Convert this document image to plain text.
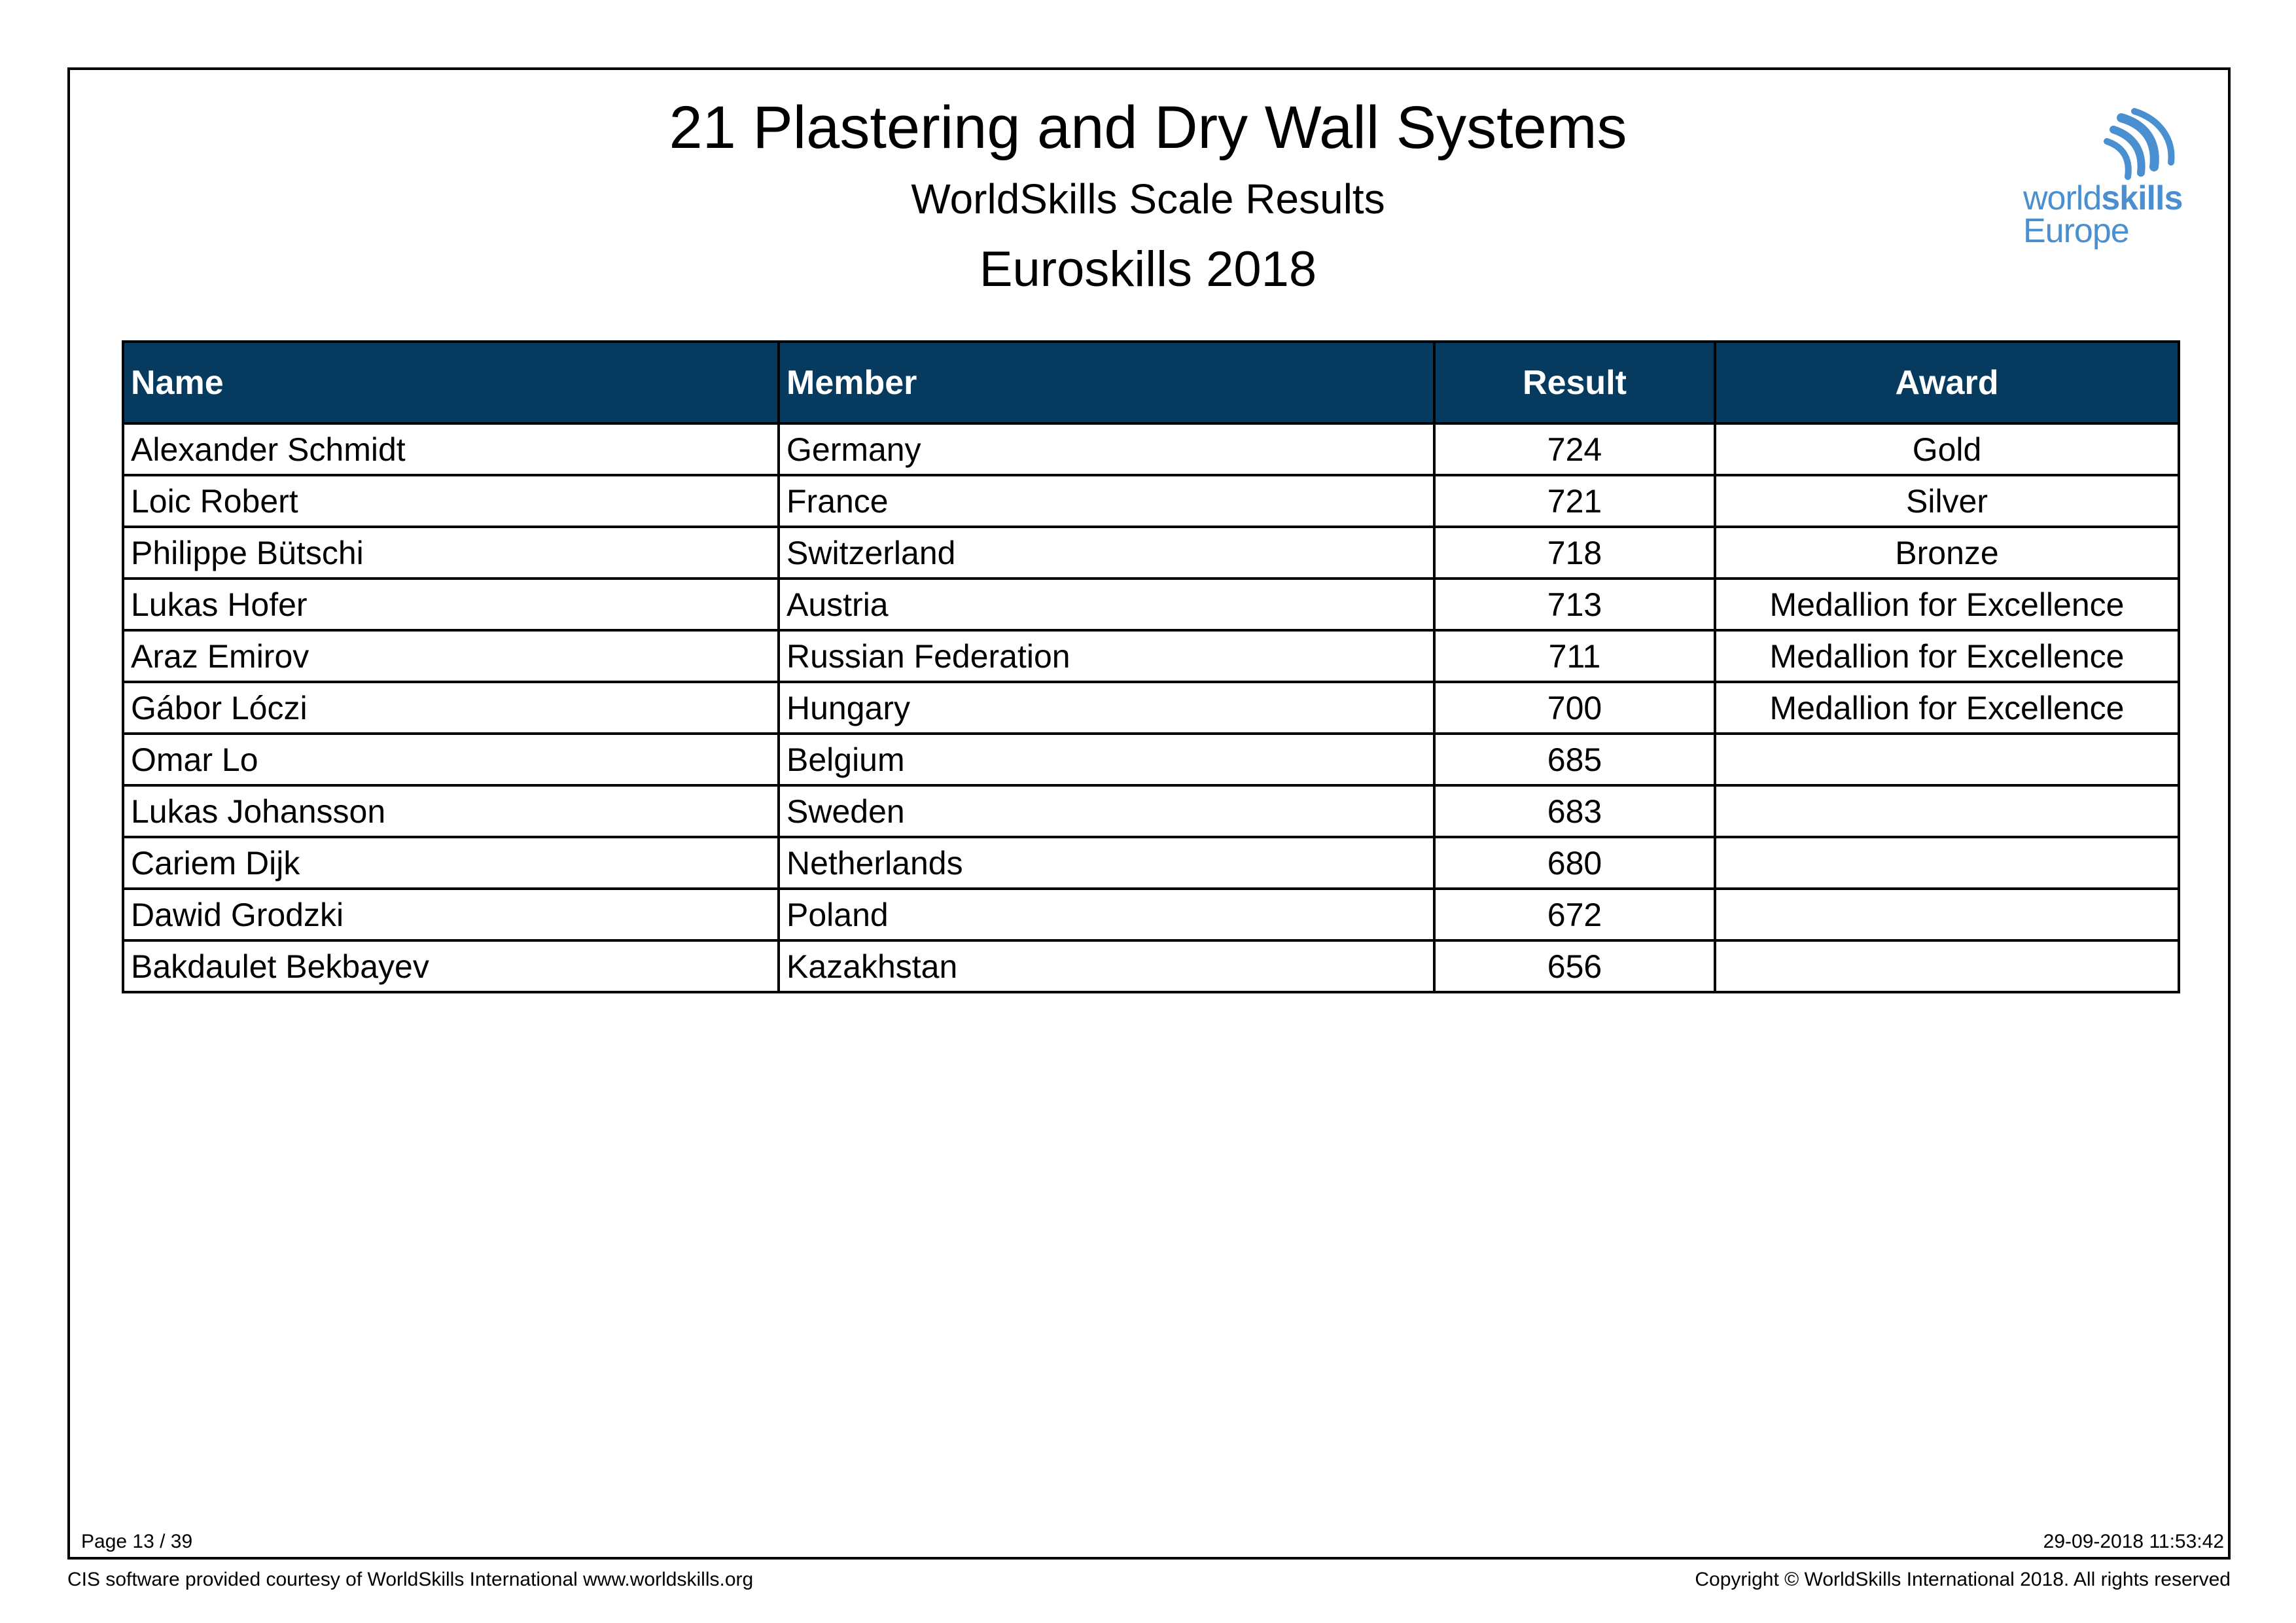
21 Plastering and Dry Wall Systems
WorldSkills Scale Results
Euroskills 2018
worldskills
Europe
Name	Member	Result	Award
Alexander Schmidt	Germany	724	Gold
Loic Robert	France	721	Silver
Philippe Bütschi	Switzerland	718	Bronze
Lukas Hofer	Austria	713	Medallion for Excellence
Araz Emirov	Russian Federation	711	Medallion for Excellence
Gábor Lóczi	Hungary	700	Medallion for Excellence
Omar Lo	Belgium	685	
Lukas Johansson	Sweden	683	
Cariem Dijk	Netherlands	680	
Dawid Grodzki	Poland	672	
Bakdaulet Bekbayev	Kazakhstan	656	
Page 13 / 39	29-09-2018 11:53:42
CIS software provided courtesy of WorldSkills International www.worldskills.org	Copyright © WorldSkills International 2018. All rights reserved
